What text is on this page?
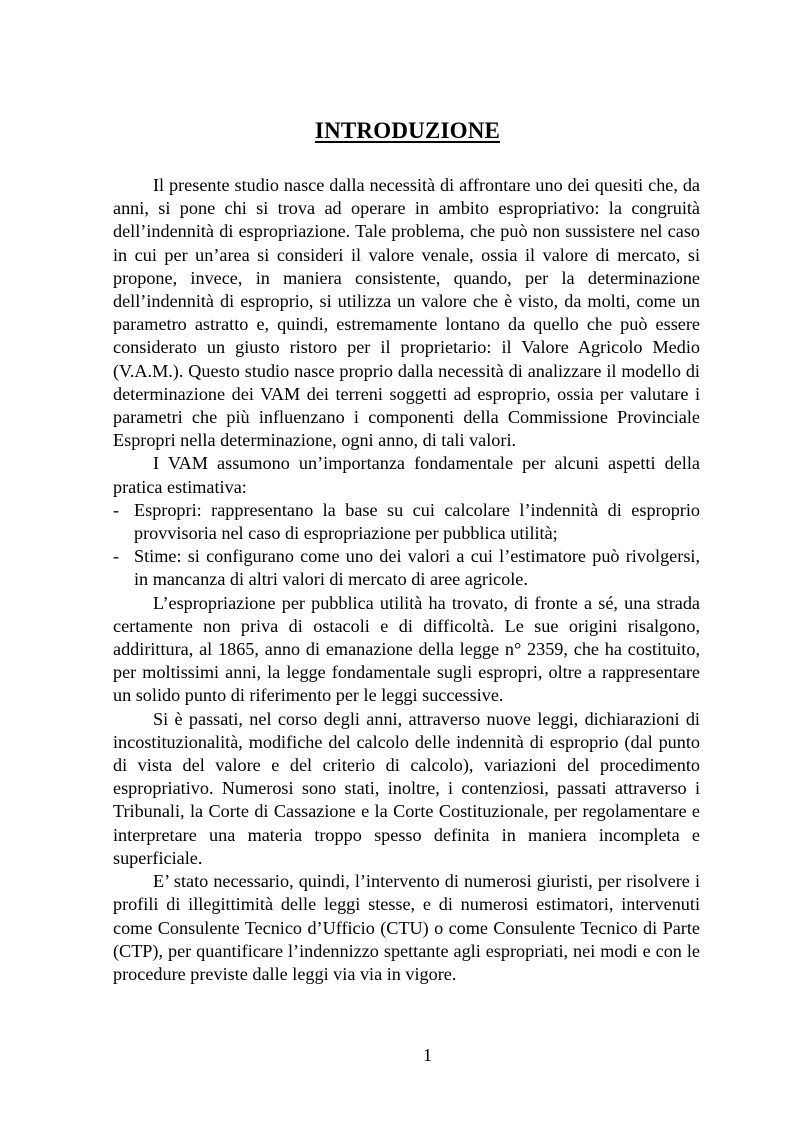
INTRODUZIONE

Il presente studio nasce dalla necessità di affrontare uno dei quesiti che, da anni, si pone chi si trova ad operare in ambito espropriativo: la congruità dell’indennità di espropriazione. Tale problema, che può non sussistere nel caso in cui per un’area si consideri il valore venale, ossia il valore di mercato, si propone, invece, in maniera consistente, quando, per la determinazione dell’indennità di esproprio, si utilizza un valore che è visto, da molti, come un parametro astratto e, quindi, estremamente lontano da quello che può essere considerato un giusto ristoro per il proprietario: il Valore Agricolo Medio (V.A.M.). Questo studio nasce proprio dalla necessità di analizzare il modello di determinazione dei VAM dei terreni soggetti ad esproprio, ossia per valutare i parametri che più influenzano i componenti della Commissione Provinciale Espropri nella determinazione, ogni anno, di tali valori.

I VAM assumono un’importanza fondamentale per alcuni aspetti della pratica estimativa:

- Espropri: rappresentano la base su cui calcolare l’indennità di esproprio provvisoria nel caso di espropriazione per pubblica utilità;
- Stime: si configurano come uno dei valori a cui l’estimatore può rivolgersi, in mancanza di altri valori di mercato di aree agricole.

L’espropriazione per pubblica utilità ha trovato, di fronte a sé, una strada certamente non priva di ostacoli e di difficoltà. Le sue origini risalgono, addirittura, al 1865, anno di emanazione della legge n° 2359, che ha costituito, per moltissimi anni, la legge fondamentale sugli espropri, oltre a rappresentare un solido punto di riferimento per le leggi successive.

Si è passati, nel corso degli anni, attraverso nuove leggi, dichiarazioni di incostituzionalità, modifiche del calcolo delle indennità di esproprio (dal punto di vista del valore e del criterio di calcolo), variazioni del procedimento espropriativo. Numerosi sono stati, inoltre, i contenziosi, passati attraverso i Tribunali, la Corte di Cassazione e la Corte Costituzionale, per regolamentare e interpretare una materia troppo spesso definita in maniera incompleta e superficiale.

E’ stato necessario, quindi, l’intervento di numerosi giuristi, per risolvere i profili di illegittimità delle leggi stesse, e di numerosi estimatori, intervenuti come Consulente Tecnico d’Ufficio (CTU) o come Consulente Tecnico di Parte (CTP), per quantificare l’indennizzo spettante agli espropriati, nei modi e con le procedure previste dalle leggi via via in vigore.

1
